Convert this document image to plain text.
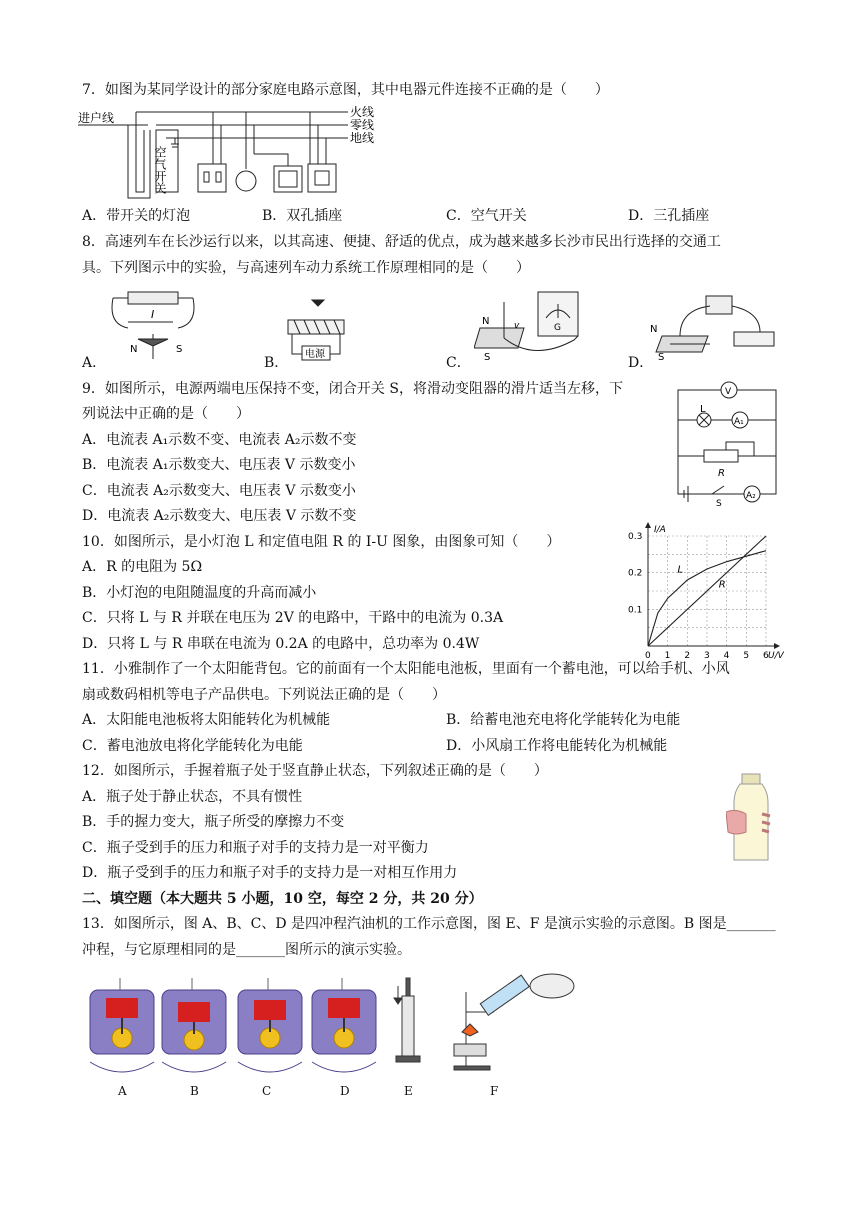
7．如图为某同学设计的部分家庭电路示意图，其中电器元件连接不正确的是（　　）
进户线	火线
零线
地线
空气开关
A．带开关的灯泡	B．双孔插座	C．空气开关	D．三孔插座
8．高速列车在长沙运行以来，以其高速、便捷、舒适的优点，成为越来越多长沙市民出行选择的交通工
具。下列图示中的实验，与高速列车动力系统工作原理相同的是（　　）
I
N	S	电源
G
N
S
v	N
S
A．	B．	C．	D．
9．如图所示，电源两端电压保持不变，闭合开关 S，将滑动变阻器的滑片适当左移，下
列说法中正确的是（　　）
A．电流表 A₁示数不变、电流表 A₂示数不变
B．电流表 A₁示数变大、电压表 V 示数变小
C．电流表 A₂示数变大、电压表 V 示数变小
D．电流表 A₂示数变大、电压表 V 示数不变
V
L
A₁
R
S
A₂
10．如图所示，是小灯泡 L 和定值电阻 R 的 I-U 图象，由图象可知（　　）
A．R 的电阻为 5Ω
B．小灯泡的电阻随温度的升高而减小
C．只将 L 与 R 并联在电压为 2V 的电路中，干路中的电流为 0.3A
D．只将 L 与 R 串联在电流为 0.2A 的电路中，总功率为 0.4W
0 1 2 3 4 5 6
0.1
0.2
0.3
U/V
I/A
L
R
11．小雅制作了一个太阳能背包。它的前面有一个太阳能电池板，里面有一个蓄电池，可以给手机、小风
扇或数码相机等电子产品供电。下列说法正确的是（　　）
A．太阳能电池板将太阳能转化为机械能	B．给蓄电池充电将化学能转化为电能
C．蓄电池放电将化学能转化为电能	D．小风扇工作将电能转化为机械能
12．如图所示，手握着瓶子处于竖直静止状态，下列叙述正确的是（　　）
A．瓶子处于静止状态，不具有惯性
B．手的握力变大，瓶子所受的摩擦力不变
C．瓶子受到手的压力和瓶子对手的支持力是一对平衡力
D．瓶子受到手的压力和瓶子对手的支持力是一对相互作用力
二、填空题（本大题共 5 小题，10 空，每空 2 分，共 20 分）
13．如图所示，图 A、B、C、D 是四冲程汽油机的工作示意图，图 E、F 是演示实验的示意图。B 图是_______
冲程，与它原理相同的是_______图所示的演示实验。
A	B	C	D	E	F
